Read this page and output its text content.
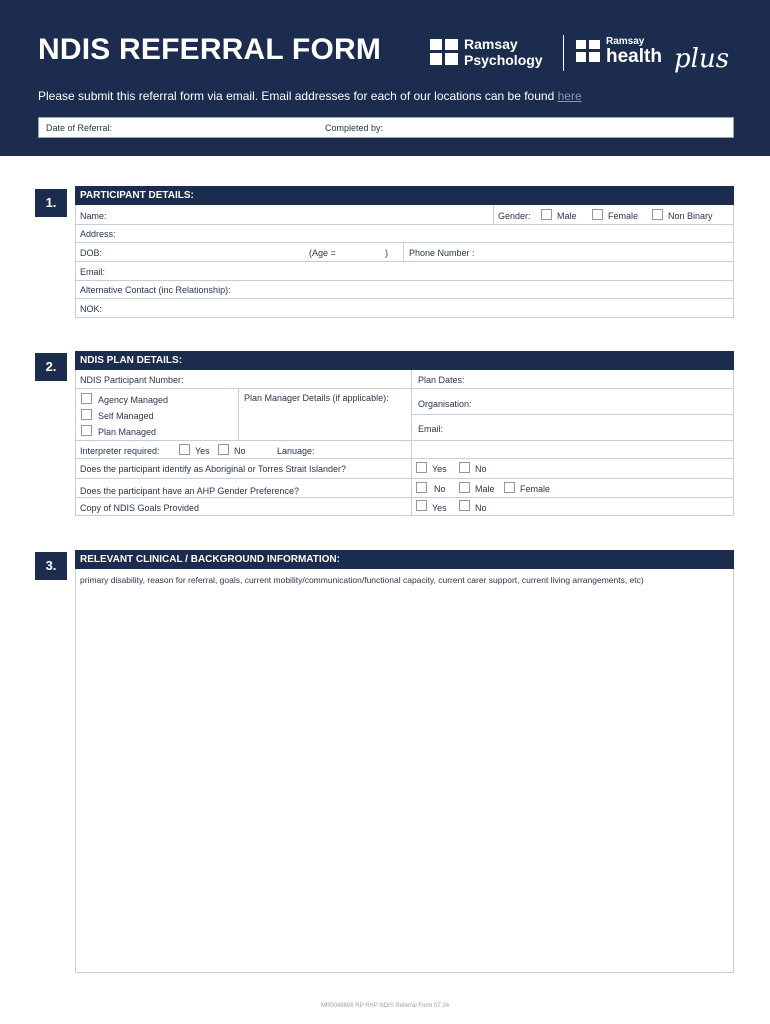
NDIS REFERRAL FORM	Ramsay
Psychology
Ramsay
health plus
Please submit this referral form via email. Email addresses for each of our locations can be found here
Date of Referral:	Completed by:
1.	PARTICIPANT DETAILS:
Name:	Gender:	Male	Female	Non Binary
Address:
DOB:	(Age =	) Phone Number :
Email:
Alternative Contact (inc Relationship):
NOK:
2.	NDIS PLAN DETAILS:
NDIS Participant Number:	Plan Dates:
Agency Managed
Self Managed
Plan Managed
Plan Manager Details (if applicable):
Organisation:
Email:
Interpreter required:	Yes	No	Lanuage:
Does the participant identify as Aboriginal or Torres Strait Islander?	Yes	No
Does the participant have an AHP Gender Preference?	No	Male	Female
Copy of NDIS Goals Provided	Yes	No
3.	RELEVANT CLINICAL / BACKGROUND INFORMATION:
primary disability, reason for referral, goals, current mobility/communication/functional capacity, current carer support, current living arrangements, etc)
MR0048606 RP RHP NDIS Referral Form 07.24
